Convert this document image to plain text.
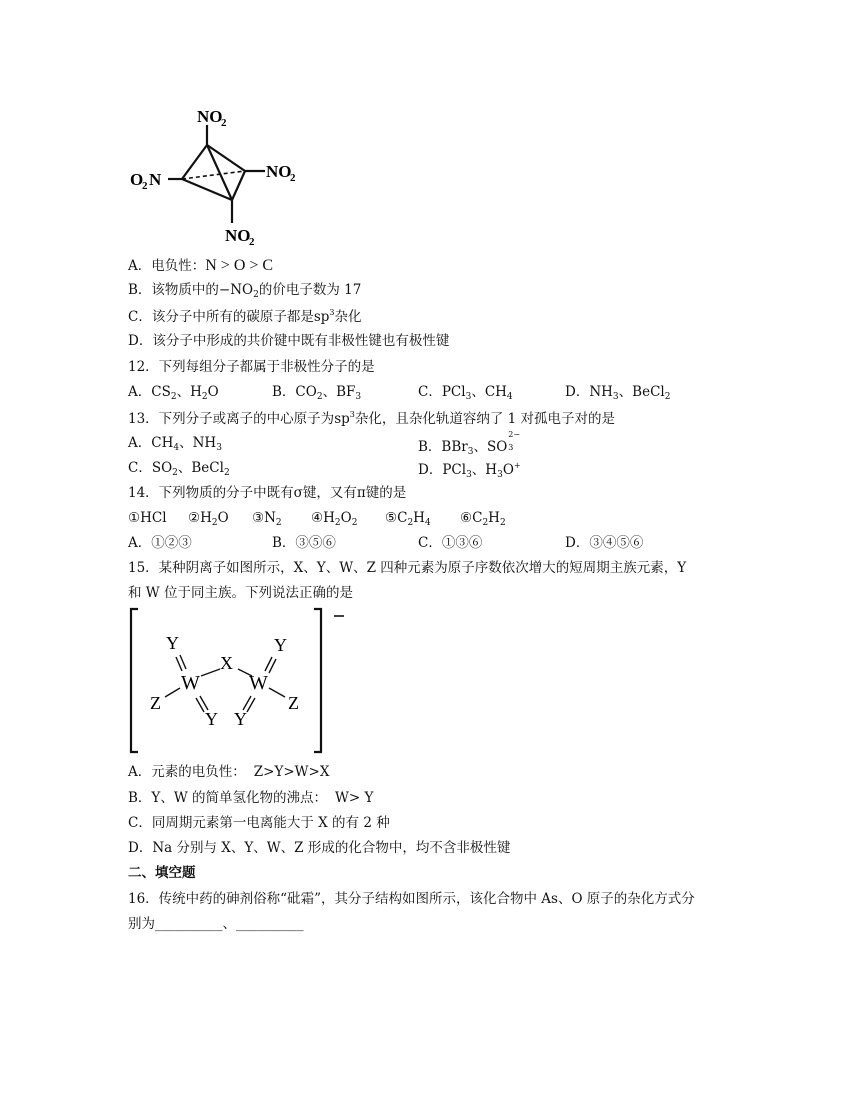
NO
2
O
2 N	NO
2
NO
2
A．电负性：N > O > C
B．该物质中的$-NO_2$的价电子数为 17
C．该分子中所有的碳原子都是$sp^3$杂化
D．该分子中形成的共价键中既有非极性键也有极性键
12．下列每组分子都属于非极性分子的是
A．$CS_2$、$H_2O$	B．$CO_2$、$BF_3$	C．PCl$_3$、$CH_4$	D．$NH_3$、BeCl$_2$
13．下列分子或离子的中心原子为$sp^3$杂化，且杂化轨道容纳了 1 对孤电子对的是
A．$CH_4$、$NH_3$	B．BBr$_3$、SO
2−
3
C．$SO_2$、BeCl$_2$	D．PCl$_3$、$H_3O^+$
14．下列物质的分子中既有σ键，又有π键的是
①HCl $②H_2O$ $③N_2$ $④H_2O_2$ $⑤C_2H_4$ $⑥C_2H_2$
A．①②③	B．③⑤⑥	C．①③⑥	D．③④⑤⑥
15．某种阴离子如图所示，X、Y、W、Z 四种元素为原子序数依次增大的短周期主族元素，Y
和 W 位于同主族。下列说法正确的是
Y	Y
X
W W
Z	Z
Y Y
A．元素的电负性： Z>Y>W>X
B．Y、W 的简单氢化物的沸点： W> Y
C．同周期元素第一电离能大于 X 的有 2 种
D．Na 分别与 X、Y、W、Z 形成的化合物中，均不含非极性键
二、填空题
16．传统中药的砷剂俗称“砒霜”，其分子结构如图所示，该化合物中 As、O 原子的杂化方式分
别为__________、__________
